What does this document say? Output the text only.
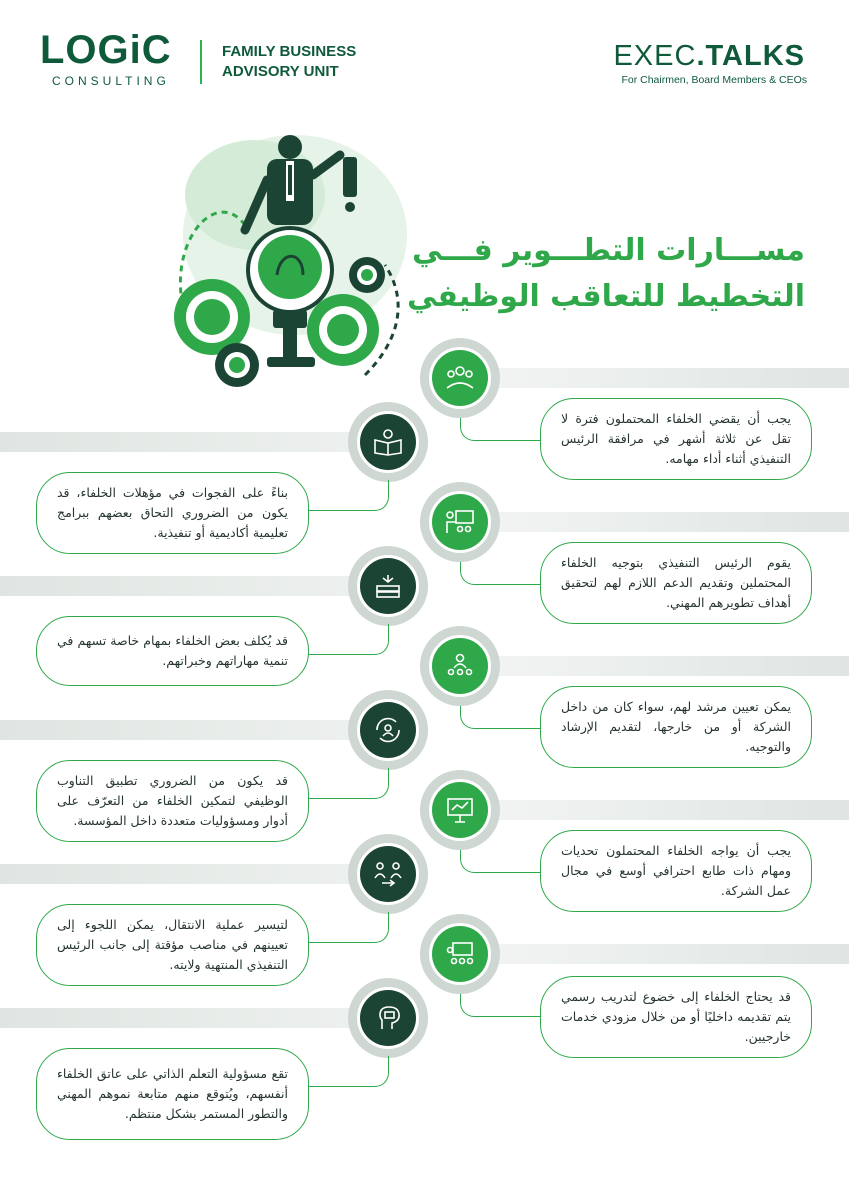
LOGiC
CONSULTING
FAMILY BUSINESS
ADVISORY UNIT	EXEC.TALKS
For Chairmen, Board Members & CEOs
مســـارات التطـــوير فـــي
التخطيط للتعاقب الوظيفي
يجب أن يقضي الخلفاء المحتملون فترة لا تقل عن ثلاثة أشهر في مرافقة الرئيس التنفيذي أثناء أداء مهامه.
بناءً على الفجوات في مؤهلات الخلفاء، قد يكون من الضروري التحاق بعضهم ببرامج تعليمية أكاديمية أو تنفيذية.
يقوم الرئيس التنفيذي بتوجيه الخلفاء المحتملين وتقديم الدعم اللازم لهم لتحقيق أهداف تطويرهم المهني.
قد يُكلف بعض الخلفاء بمهام خاصة تسهم في تنمية مهاراتهم وخبراتهم.
يمكن تعيين مرشد لهم، سواء كان من داخل الشركة أو من خارجها، لتقديم الإرشاد والتوجيه.
قد يكون من الضروري تطبيق التناوب الوظيفي لتمكين الخلفاء من التعرّف على أدوار ومسؤوليات متعددة داخل المؤسسة.
يجب أن يواجه الخلفاء المحتملون تحديات ومهام ذات طابع احترافي أوسع في مجال عمل الشركة.
لتيسير عملية الانتقال، يمكن اللجوء إلى تعيينهم في مناصب مؤقتة إلى جانب الرئيس التنفيذي المنتهية ولايته.
قد يحتاج الخلفاء إلى خضوع لتدريب رسمي يتم تقديمه داخليًا أو من خلال مزودي خدمات خارجيين.
تقع مسؤولية التعلم الذاتي على عاتق الخلفاء أنفسهم، ويُتوقع منهم متابعة نموهم المهني والتطور المستمر بشكل منتظم.
